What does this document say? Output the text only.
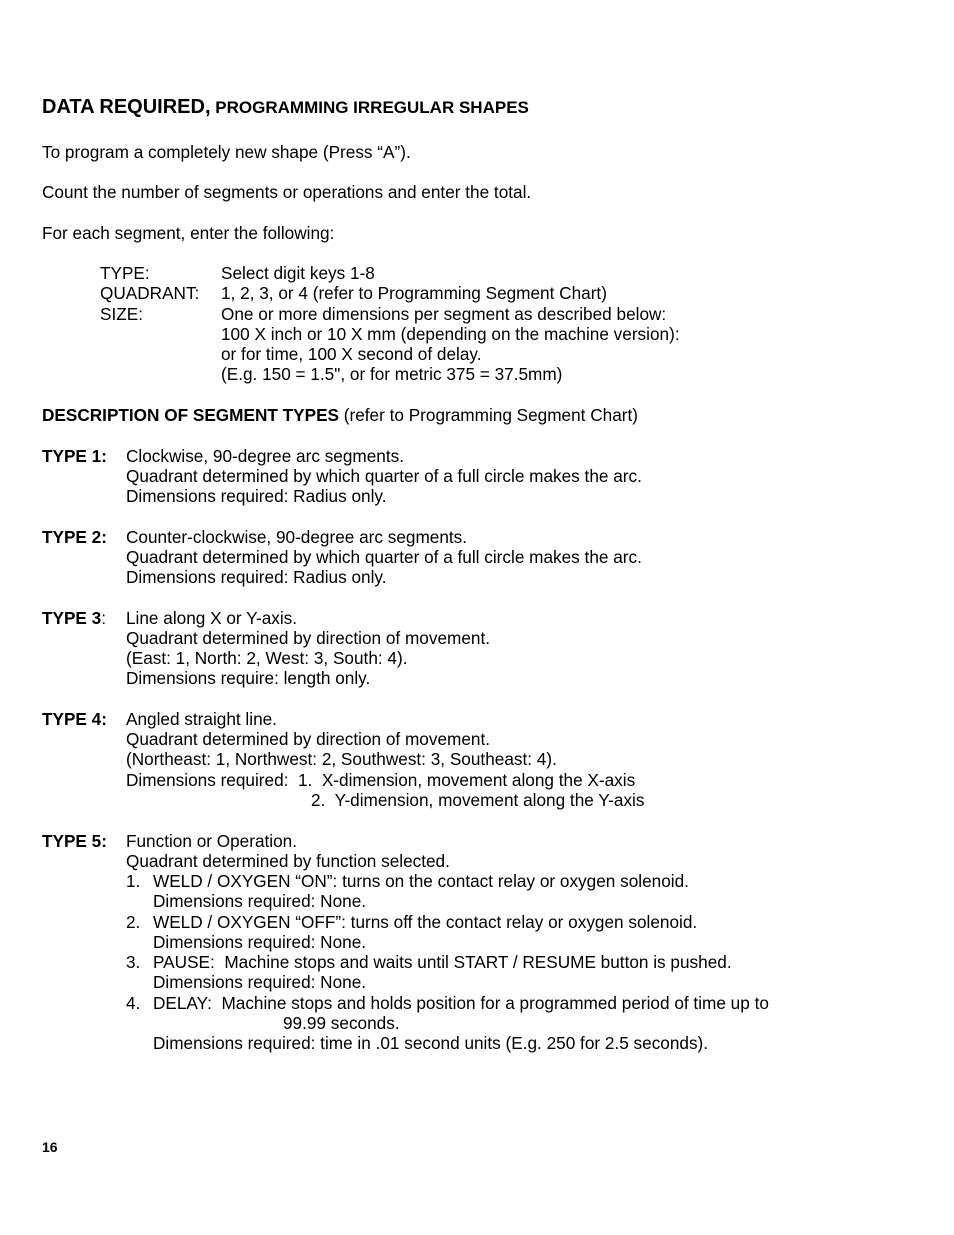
DATA REQUIRED, PROGRAMMING IRREGULAR SHAPES
To program a completely new shape (Press “A”).
Count the number of segments or operations and enter the total.
For each segment, enter the following:
TYPE:	Select digit keys 1-8
QUADRANT: 1, 2, 3, or 4 (refer to Programming Segment Chart)
SIZE:	One or more dimensions per segment as described below:
100 X inch or 10 X mm (depending on the machine version):
or for time, 100 X second of delay.
(E.g. 150 = 1.5", or for metric 375 = 37.5mm)
DESCRIPTION OF SEGMENT TYPES (refer to Programming Segment Chart)
TYPE 1: Clockwise, 90-degree arc segments.
Quadrant determined by which quarter of a full circle makes the arc.
Dimensions required: Radius only.
TYPE 2: Counter-clockwise, 90-degree arc segments.
Quadrant determined by which quarter of a full circle makes the arc.
Dimensions required: Radius only.
TYPE 3: Line along X or Y-axis.
Quadrant determined by direction of movement.
(East: 1, North: 2, West: 3, South: 4).
Dimensions require: length only.
TYPE 4: Angled straight line.
Quadrant determined by direction of movement.
(Northeast: 1, Northwest: 2, Southwest: 3, Southeast: 4).
Dimensions required:  1.  X-dimension, movement along the X-axis
2.  Y-dimension, movement along the Y-axis
TYPE 5: Function or Operation.
Quadrant determined by function selected.
1. WELD / OXYGEN “ON”: turns on the contact relay or oxygen solenoid.
Dimensions required: None.
2. WELD / OXYGEN “OFF”: turns off the contact relay or oxygen solenoid.
Dimensions required: None.
3. PAUSE:  Machine stops and waits until START / RESUME button is pushed.
Dimensions required: None.
4. DELAY:  Machine stops and holds position for a programmed period of time up to
99.99 seconds.
Dimensions required: time in .01 second units (E.g. 250 for 2.5 seconds).
16
